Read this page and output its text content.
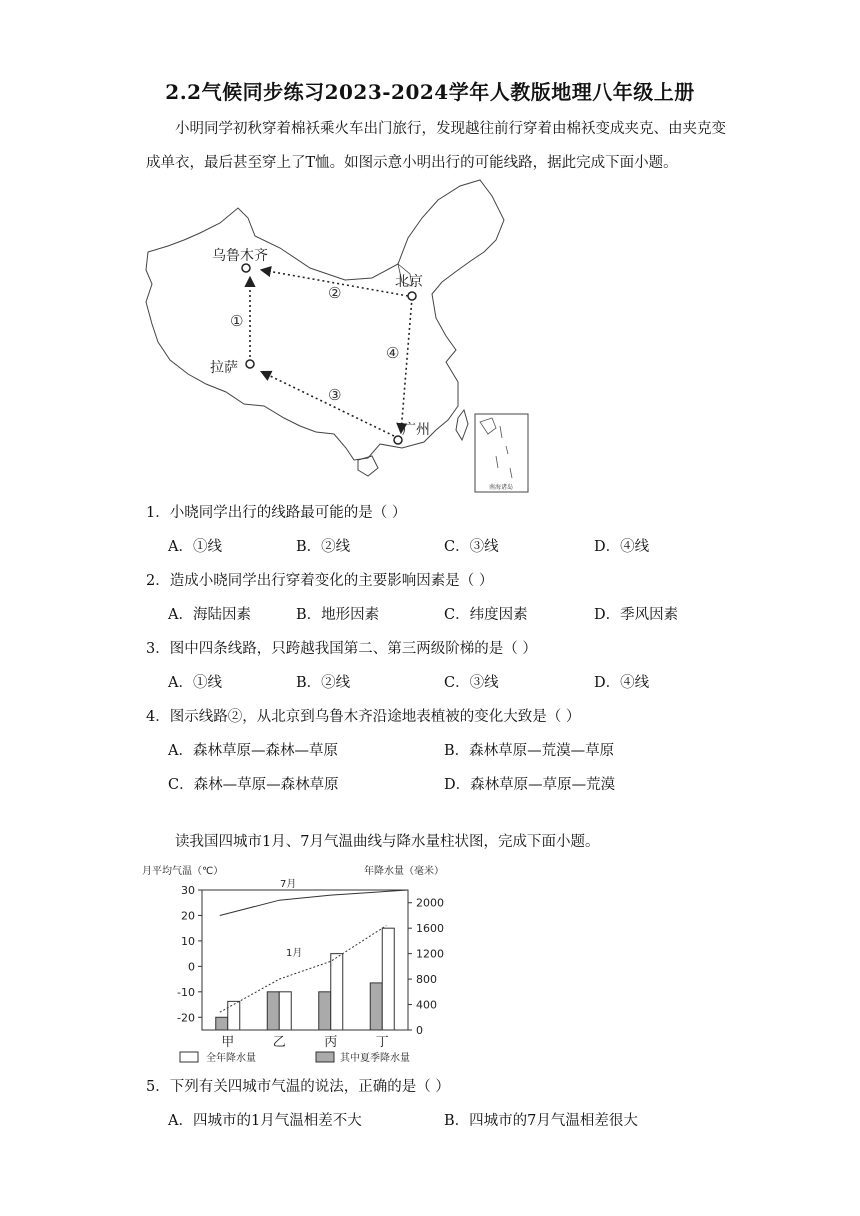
2.2气候同步练习2023-2024学年人教版地理八年级上册

小明同学初秋穿着棉袄乘火车出门旅行，发现越往前行穿着由棉袄变成夹克、由夹克变成单衣，最后甚至穿上了T恤。如图示意小明出行的可能线路，据此完成下面小题。

南海诸岛
乌鲁木齐
北京
拉萨
广州
①
②
③
④
1．小晓同学出行的线路最可能的是（ ）
A．①线	B．②线	C．③线	D．④线
2．造成小晓同学出行穿着变化的主要影响因素是（ ）
A．海陆因素	B．地形因素	C．纬度因素	D．季风因素
3．图中四条线路，只跨越我国第二、第三两级阶梯的是（ ）
A．①线	B．②线	C．③线	D．④线
4．图示线路②，从北京到乌鲁木齐沿途地表植被的变化大致是（ ）
A．森林草原—森林—草原	B．森林草原—荒漠—草原
C．森林—草原—森林草原	D．森林草原—草原—荒漠

读我国四城市1月、7月气温曲线与降水量柱状图，完成下面小题。

月平均气温（℃）	年降水量（毫米）
30
20
10
0
-10
-20
2000
1600
1200
800
400
0
7月
1月
甲	乙	丙	丁
全年降水量	其中夏季降水量
5．下列有关四城市气温的说法，正确的是（ ）
A．四城市的1月气温相差不大	B．四城市的7月气温相差很大
